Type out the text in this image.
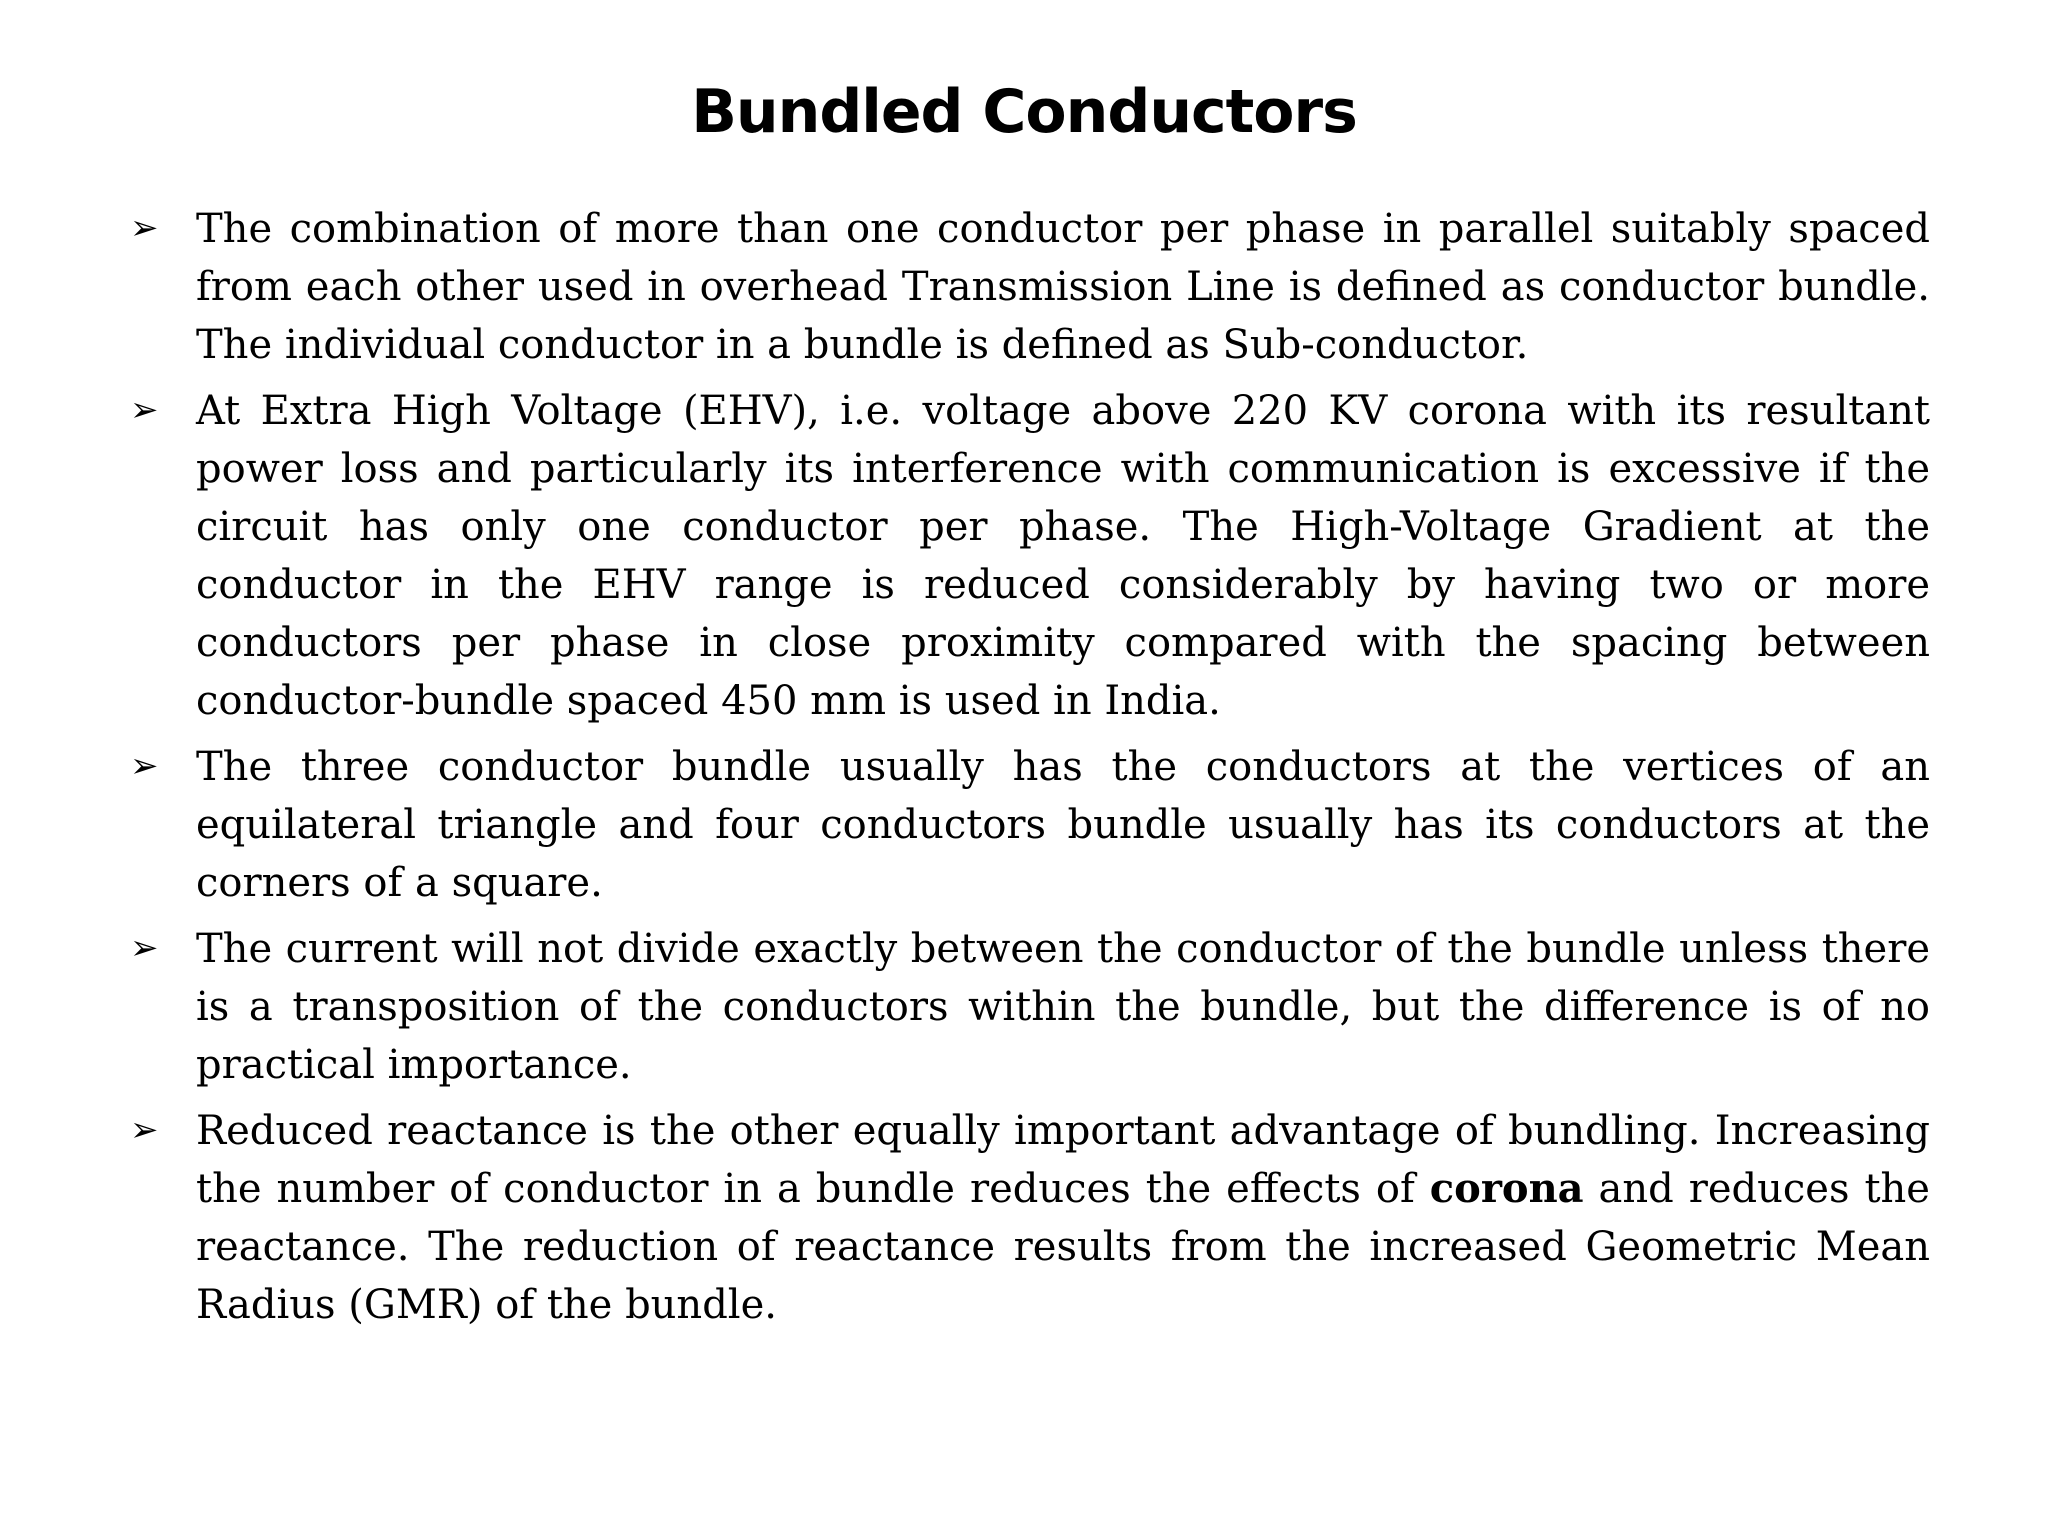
Bundled Conductors
➢ The combination of more than one conductor per phase in parallel suitably spaced from each other used in overhead Transmission Line is defined as conductor bundle. The individual conductor in a bundle is defined as Sub-conductor.
➢ At Extra High Voltage (EHV), i.e. voltage above 220 KV corona with its resultant power loss and particularly its interference with communication is excessive if the circuit has only one conductor per phase. The High-Voltage Gradient at the conductor in the EHV range is reduced considerably by having two or more conductors per phase in close proximity compared with the spacing between conductor-bundle spaced 450 mm is used in India.
➢ The three conductor bundle usually has the conductors at the vertices of an equilateral triangle and four conductors bundle usually has its conductors at the corners of a square.
➢ The current will not divide exactly between the conductor of the bundle unless there is a transposition of the conductors within the bundle, but the difference is of no practical importance.
➢ Reduced reactance is the other equally important advantage of bundling. Increasing the number of conductor in a bundle reduces the effects of corona and reduces the reactance. The reduction of reactance results from the increased Geometric Mean Radius (GMR) of the bundle.
